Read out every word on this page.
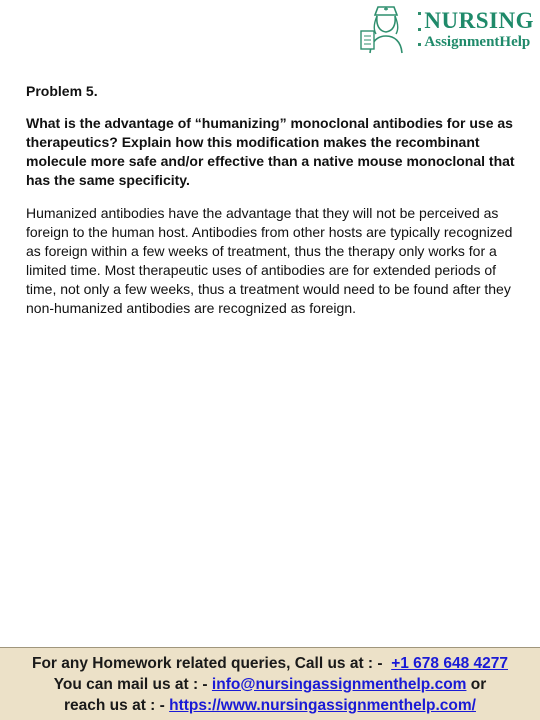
NURSING
AssignmentHelp

Problem 5.

What is the advantage of “humanizing” monoclonal antibodies for use as therapeutics? Explain how this modification makes the recombinant molecule more safe and/or effective than a native mouse monoclonal that has the same specificity.

Humanized antibodies have the advantage that they will not be perceived as foreign to the human host. Antibodies from other hosts are typically recognized as foreign within a few weeks of treatment, thus the therapy only works for a limited time. Most therapeutic uses of antibodies are for extended periods of time, not only a few weeks, thus a treatment would need to be found after they non-humanized antibodies are recognized as foreign.

For any Homework related queries, Call us at : - +1 678 648 4277
You can mail us at : - info@nursingassignmenthelp.com or
reach us at : - https://www.nursingassignmenthelp.com/
